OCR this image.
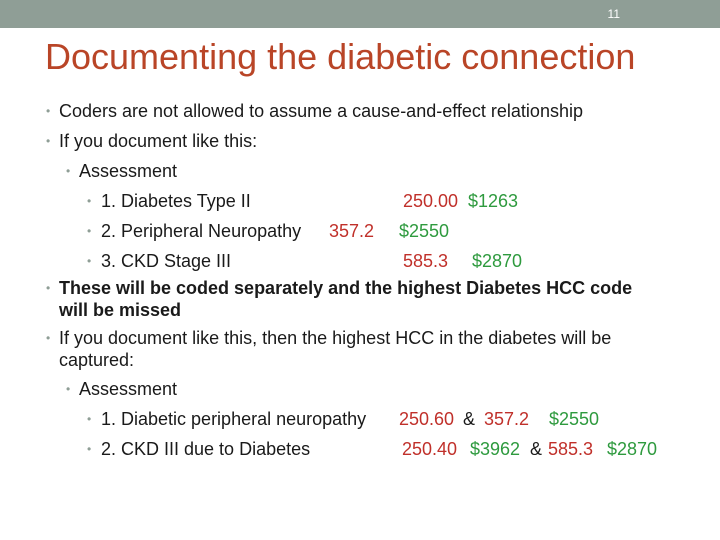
11
Documenting the diabetic connection
• Coders are not allowed to assume a cause-and-effect relationship
• If you document like this:
• Assessment
• 1. Diabetes Type II	250.00 $1263
• 2. Peripheral Neuropathy 357.2 $2550
• 3. CKD Stage III	585.3 $2870
• These will be coded separately and the highest Diabetes HCC code
will be missed
• If you document like this, then the highest HCC in the diabetes will be
captured:
• Assessment
• 1. Diabetic peripheral neuropathy 250.60 & 357.2 $2550
• 2. CKD III due to Diabetes	250.40 $3962 & 585.3 $2870
